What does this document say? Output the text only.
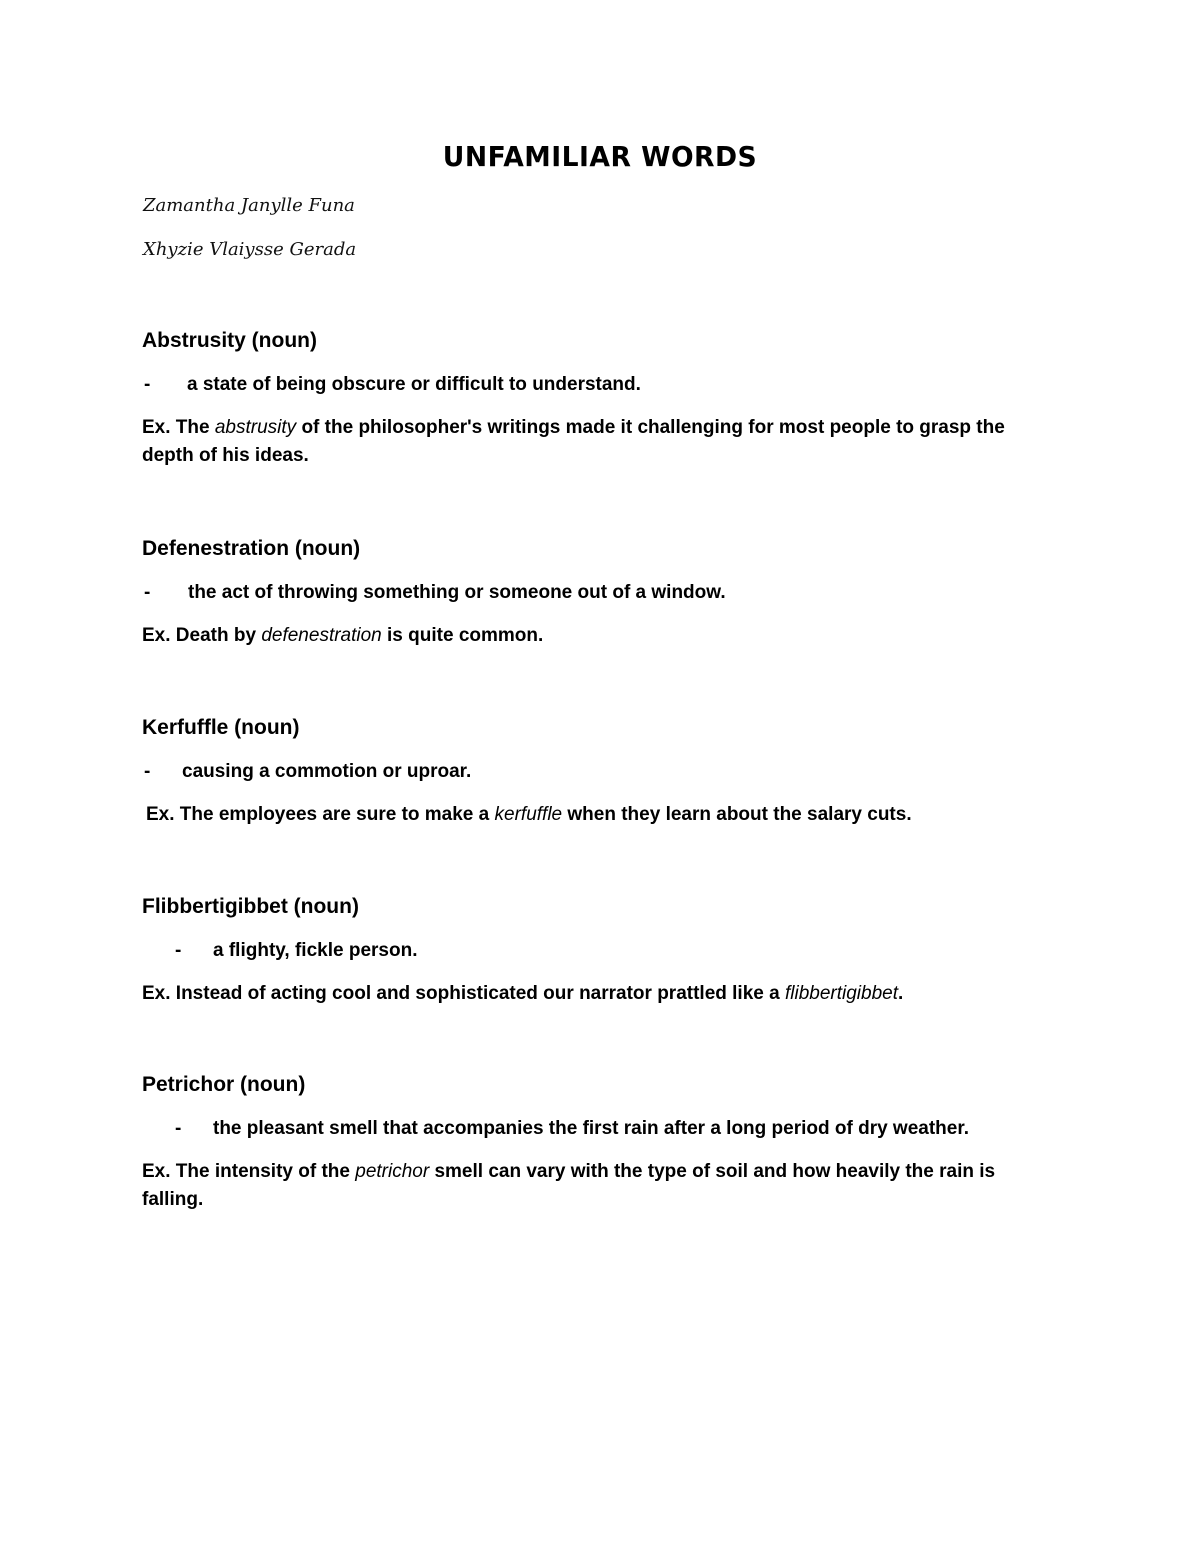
UNFAMILIAR WORDS
Zamantha Janylle Funa
Xhyzie Vlaiysse Gerada

Abstrusity (noun)

- a state of being obscure or difficult to understand.
Ex. The abstrusity of the philosopher's writings made it challenging for most people to grasp the depth of his ideas.

Defenestration (noun)

- the act of throwing something or someone out of a window.
Ex. Death by defenestration is quite common.

Kerfuffle (noun)

- causing a commotion or uproar.
Ex. The employees are sure to make a kerfuffle when they learn about the salary cuts.

Flibbertigibbet (noun)

- a flighty, fickle person.
Ex. Instead of acting cool and sophisticated our narrator prattled like a flibbertigibbet.

Petrichor (noun)

- the pleasant smell that accompanies the first rain after a long period of dry weather.
Ex. The intensity of the petrichor smell can vary with the type of soil and how heavily the rain is falling.
